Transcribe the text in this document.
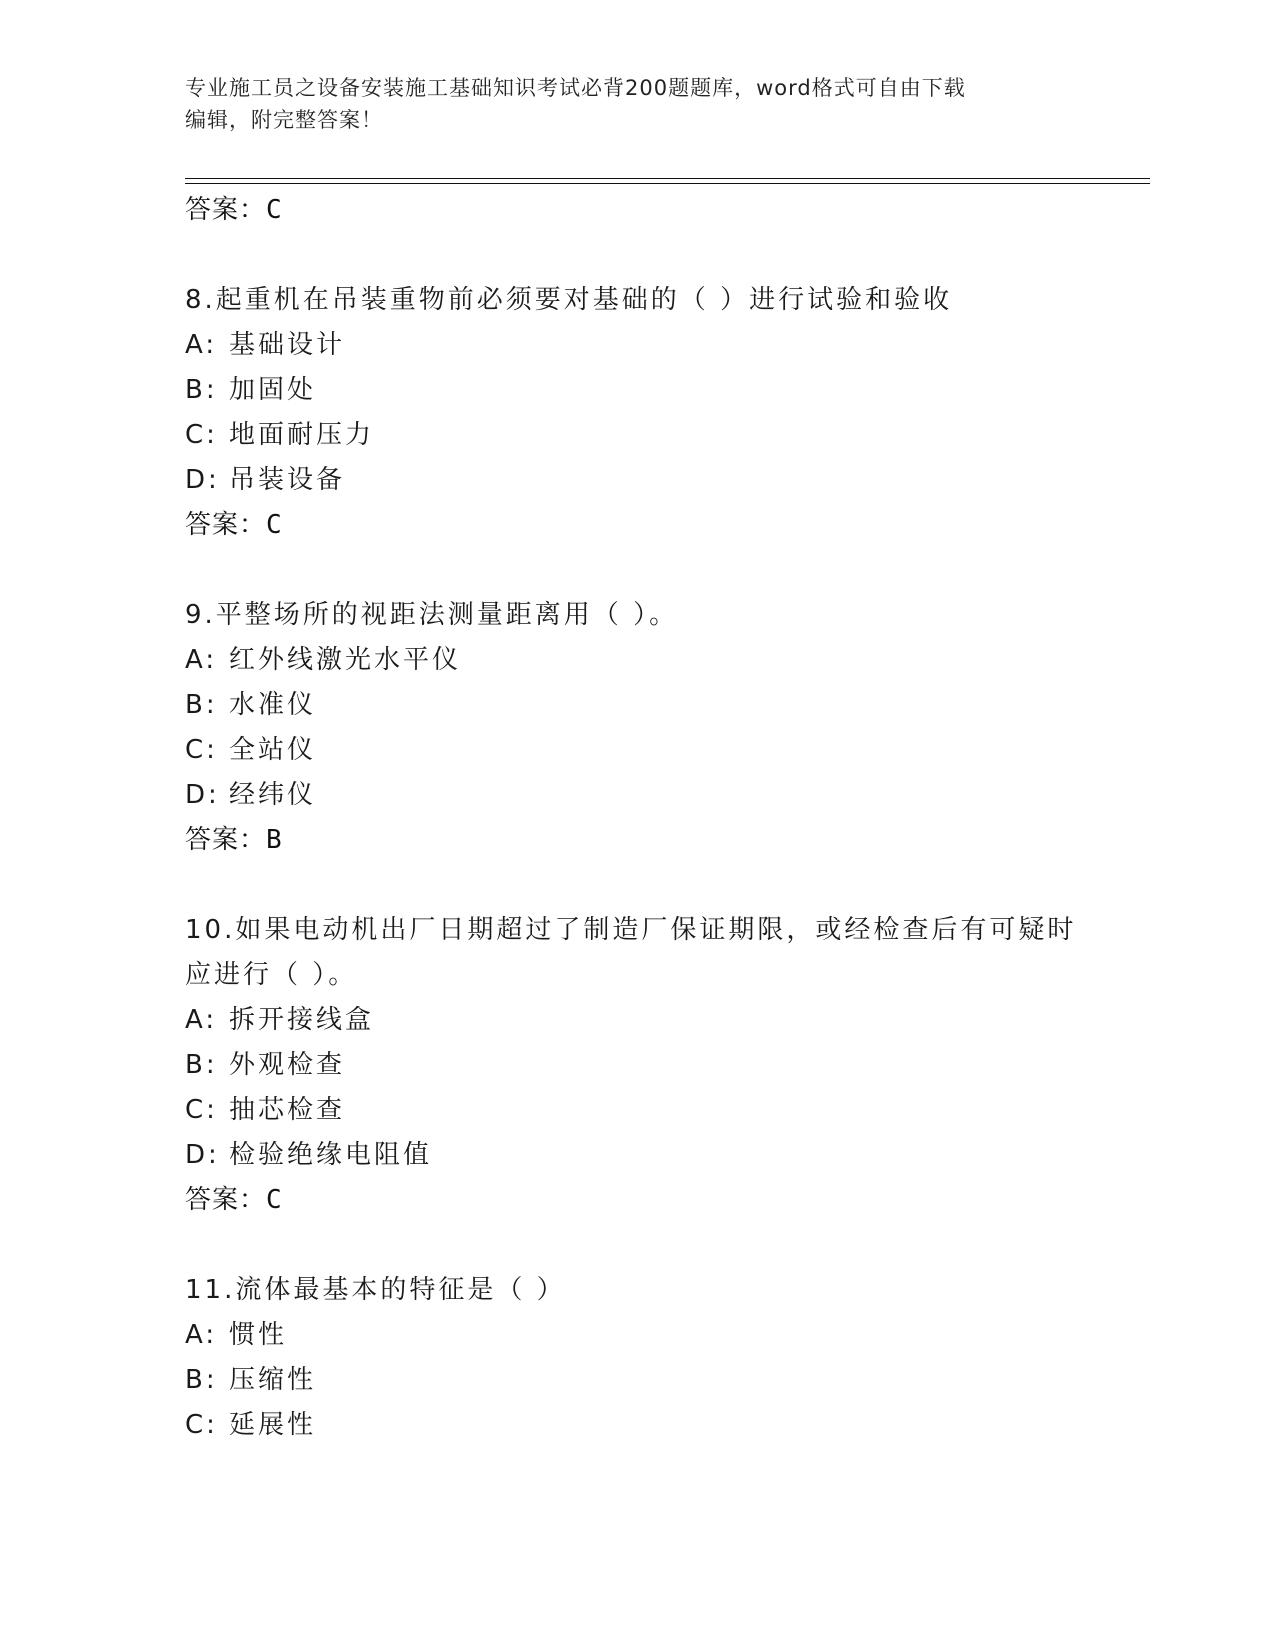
专业施工员之设备安装施工基础知识考试必背200题题库，word格式可自由下载
编辑，附完整答案！
答案：C
8.起重机在吊装重物前必须要对基础的（ ）进行试验和验收
A: 基础设计
B: 加固处
C: 地面耐压力
D: 吊装设备
答案：C
9.平整场所的视距法测量距离用（ ）。
A: 红外线激光水平仪
B: 水准仪
C: 全站仪
D: 经纬仪
答案：B
10.如果电动机出厂日期超过了制造厂保证期限，或经检查后有可疑时
应进行（ ）。
A: 拆开接线盒
B: 外观检查
C: 抽芯检查
D: 检验绝缘电阻值
答案：C
11.流体最基本的特征是（ ）
A: 惯性
B: 压缩性
C: 延展性
